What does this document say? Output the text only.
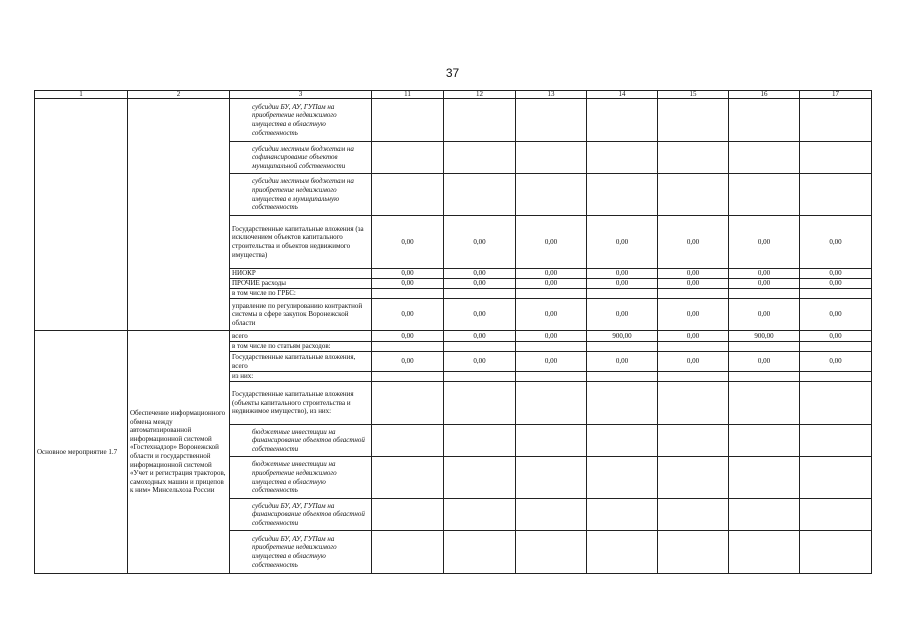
37
1	2	3	11	12	13	14	15	16	17
		субсидии БУ, АУ, ГУПам на приобретение недвижимого имущества в областную собственность							
		субсидии местным бюджетам на софинансирование объектов муниципальной собственности							
		субсидии местным бюджетам на приобретение недвижимого имущества в муниципальную собственность							
		Государственные капитальные вложения (за исключением объектов капитального строительства и объектов недвижимого имущества)	0,00	0,00	0,00	0,00	0,00	0,00	0,00
		НИОКР	0,00	0,00	0,00	0,00	0,00	0,00	0,00
		ПРОЧИЕ расходы	0,00	0,00	0,00	0,00	0,00	0,00	0,00
		в том числе по ГРБС:							
		управление по регулированию контрактной системы в сфере закупок Воронежской области	0,00	0,00	0,00	0,00	0,00	0,00	0,00
Основное мероприятие 1.7	Обеспечение информационного обмена между автоматизированной информационной системой «Гостехнадзор» Воронежской области и государственной информационной системой «Учет и регистрация тракторов, самоходных машин и прицепов к ним» Минсельхоза России	всего	0,00	0,00	0,00	900,00	0,00	900,00	0,00
		в том числе по статьям расходов:							
		Государственные капитальные вложения, всего	0,00	0,00	0,00	0,00	0,00	0,00	0,00
		из них:							
		Государственные капитальные вложения (объекты капитального строительства и недвижимое имущество), из них:							
		бюджетные инвестиции на финансирование объектов областной собственности							
		бюджетные инвестиции на приобретение недвижимого имущества в областную собственность							
		субсидии БУ, АУ, ГУПам на финансирование объектов областной собственности							
		субсидии БУ, АУ, ГУПам на приобретение недвижимого имущества в областную собственность							
